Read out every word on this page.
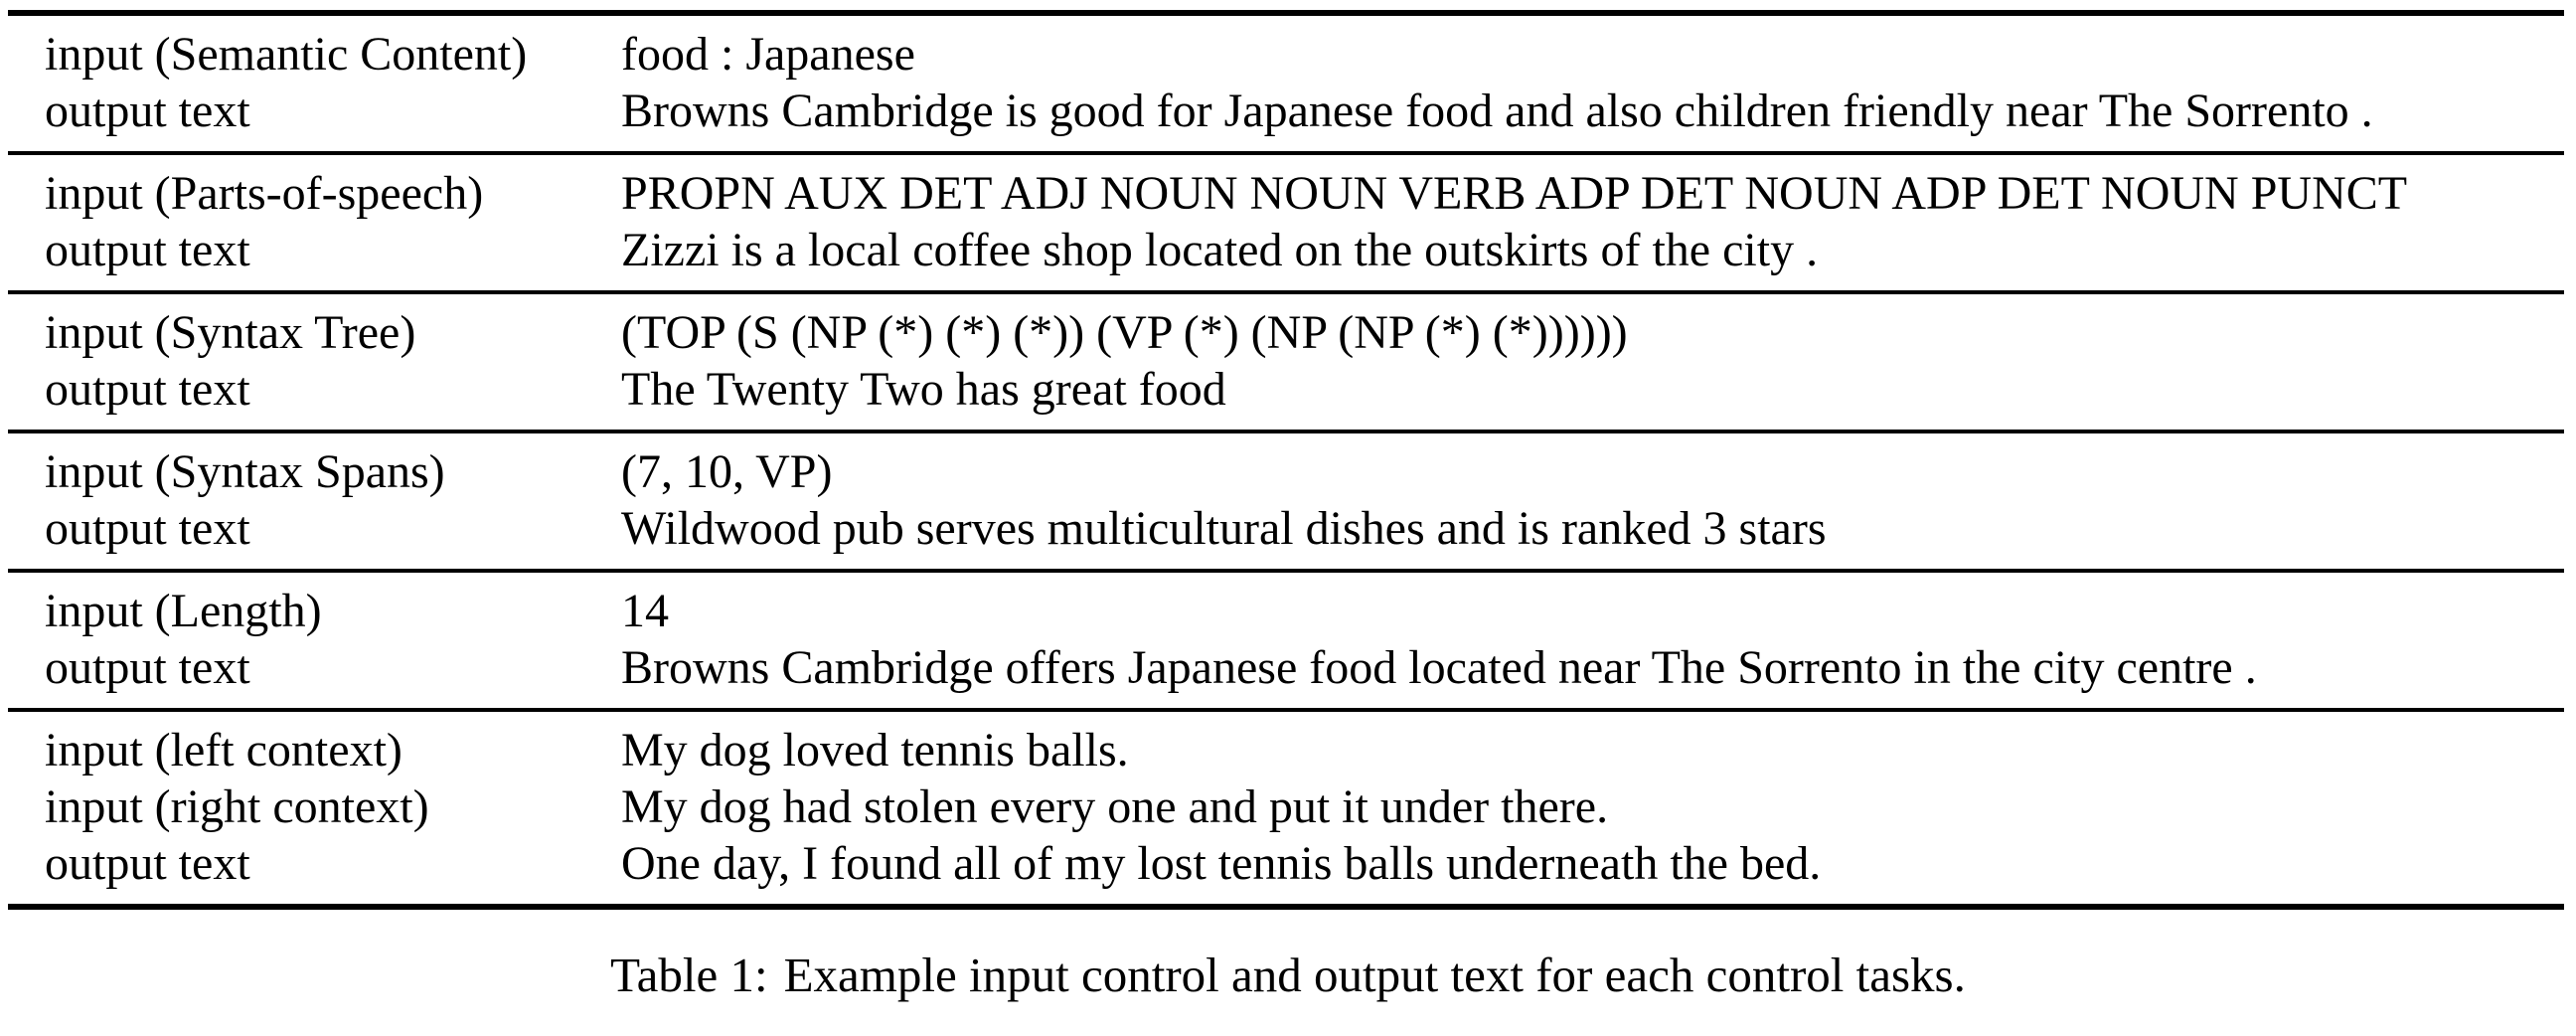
input (Semantic Content)	food : Japanese
output text	Browns Cambridge is good for Japanese food and also children friendly near The Sorrento .
input (Parts-of-speech)	PROPN AUX DET ADJ NOUN NOUN VERB ADP DET NOUN ADP DET NOUN PUNCT
output text	Zizzi is a local coffee shop located on the outskirts of the city .
input (Syntax Tree)	(TOP (S (NP (*) (*) (*)) (VP (*) (NP (NP (*) (*))))))
output text	The Twenty Two has great food
input (Syntax Spans)	(7, 10, VP)
output text	Wildwood pub serves multicultural dishes and is ranked 3 stars
input (Length)	14
output text	Browns Cambridge offers Japanese food located near The Sorrento in the city centre .
input (left context)	My dog loved tennis balls.
input (right context)	My dog had stolen every one and put it under there.
output text	One day, I found all of my lost tennis balls underneath the bed.
Table 1: Example input control and output text for each control tasks.
